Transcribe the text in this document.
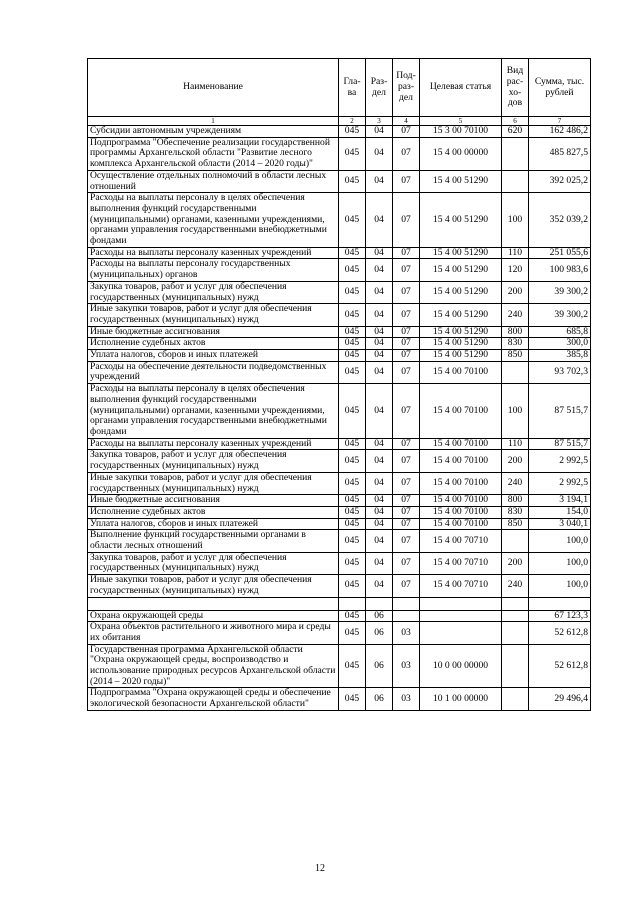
Наименование	Гла-ва	Раз-дел	Под-раз-дел	Целевая статья	Вид рас-хо-дов	Сумма, тыс. рублей
1	2	3	4	5	6	7
Субсидии автономным учреждениям	045	04	07	15 3 00 70100	620	162 486,2
Подпрограмма "Обеспечение реализации государственной программы Архангельской области "Развитие лесного комплекса Архангельской области (2014 – 2020 годы)"	045	04	07	15 4 00 00000		485 827,5
Осуществление отдельных полномочий в области лесных отношений	045	04	07	15 4 00 51290		392 025,2
Расходы на выплаты персоналу в целях обеспечения выполнения функций государственными (муниципальными) органами, казенными учреждениями, органами управления государственными внебюджетными фондами	045	04	07	15 4 00 51290	100	352 039,2
Расходы на выплаты персоналу казенных учреждений	045	04	07	15 4 00 51290	110	251 055,6
Расходы на выплаты персоналу государственных (муниципальных) органов	045	04	07	15 4 00 51290	120	100 983,6
Закупка товаров, работ и услуг для обеспечения государственных (муниципальных) нужд	045	04	07	15 4 00 51290	200	39 300,2
Иные закупки товаров, работ и услуг для обеспечения государственных (муниципальных) нужд	045	04	07	15 4 00 51290	240	39 300,2
Иные бюджетные ассигнования	045	04	07	15 4 00 51290	800	685,8
Исполнение судебных актов	045	04	07	15 4 00 51290	830	300,0
Уплата налогов, сборов и иных платежей	045	04	07	15 4 00 51290	850	385,8
Расходы на обеспечение деятельности подведомственных учреждений	045	04	07	15 4 00 70100		93 702,3
Расходы на выплаты персоналу в целях обеспечения выполнения функций государственными (муниципальными) органами, казенными учреждениями, органами управления государственными внебюджетными фондами	045	04	07	15 4 00 70100	100	87 515,7
Расходы на выплаты персоналу казенных учреждений	045	04	07	15 4 00 70100	110	87 515,7
Закупка товаров, работ и услуг для обеспечения государственных (муниципальных) нужд	045	04	07	15 4 00 70100	200	2 992,5
Иные закупки товаров, работ и услуг для обеспечения государственных (муниципальных) нужд	045	04	07	15 4 00 70100	240	2 992,5
Иные бюджетные ассигнования	045	04	07	15 4 00 70100	800	3 194,1
Исполнение судебных актов	045	04	07	15 4 00 70100	830	154,0
Уплата налогов, сборов и иных платежей	045	04	07	15 4 00 70100	850	3 040,1
Выполнение функций государственными органами в области лесных отношений	045	04	07	15 4 00 70710		100,0
Закупка товаров, работ и услуг для обеспечения государственных (муниципальных) нужд	045	04	07	15 4 00 70710	200	100,0
Иные закупки товаров, работ и услуг для обеспечения государственных (муниципальных) нужд	045	04	07	15 4 00 70710	240	100,0

Охрана окружающей среды	045	06				67 123,3
Охрана объектов растительного и животного мира и среды их обитания	045	06	03			52 612,8
Государственная программа Архангельской области "Охрана окружающей среды, воспроизводство и использование природных ресурсов Архангельской области (2014 – 2020 годы)"	045	06	03	10 0 00 00000		52 612,8
Подпрограмма "Охрана окружающей среды и обеспечение экологической безопасности Архангельской области"	045	06	03	10 1 00 00000		29 496,4
12
